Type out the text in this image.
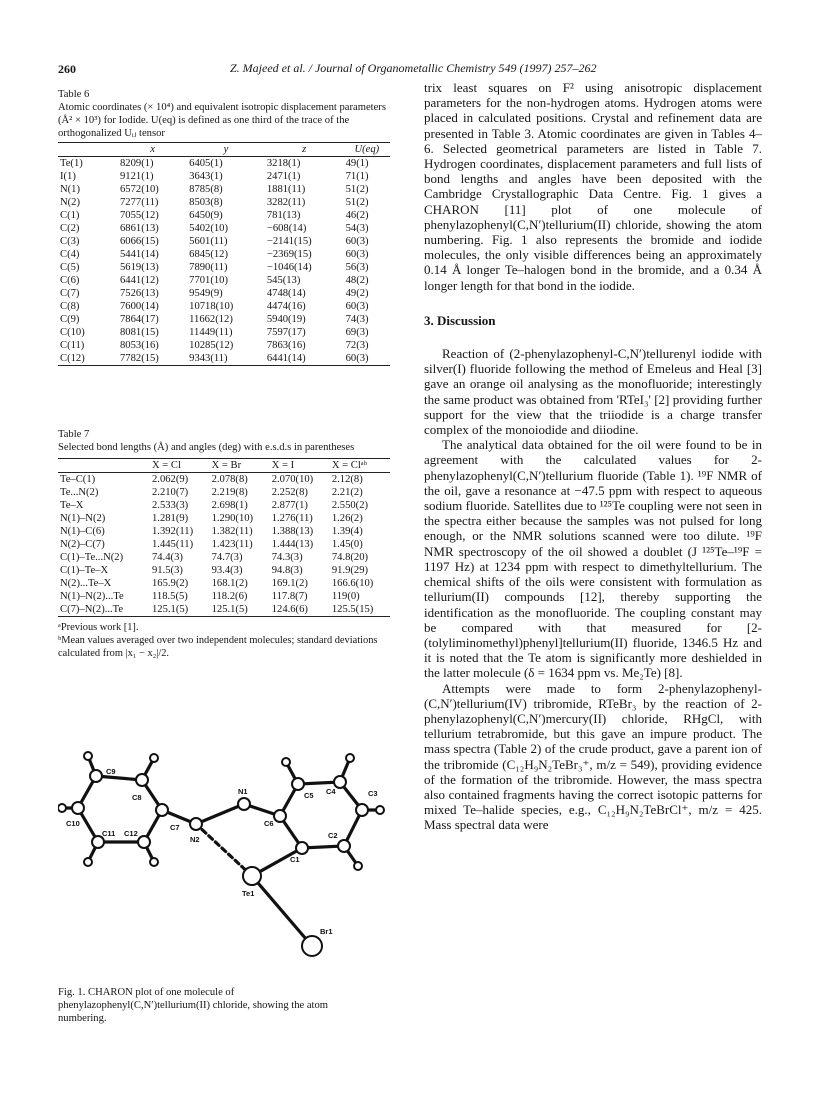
260	Z. Majeed et al. / Journal of Organometallic Chemistry 549 (1997) 257–262
Table 6
Atomic coordinates (× 10⁴) and equivalent isotropic displacement parameters (Å² × 10³) for Iodide. U(eq) is defined as one third of the trace of the orthogonalized Uᵢⱼ tensor
	x	y	z	U(eq)
Te(1)	8209(1)	6405(1)	3218(1)	49(1)
I(1)	9121(1)	3643(1)	2471(1)	71(1)
N(1)	6572(10)	8785(8)	1881(11)	51(2)
N(2)	7277(11)	8503(8)	3282(11)	51(2)
C(1)	7055(12)	6450(9)	781(13)	46(2)
C(2)	6861(13)	5402(10)	−608(14)	54(3)
C(3)	6066(15)	5601(11)	−2141(15)	60(3)
C(4)	5441(14)	6845(12)	−2369(15)	60(3)
C(5)	5619(13)	7890(11)	−1046(14)	56(3)
C(6)	6441(12)	7701(10)	545(13)	48(2)
C(7)	7526(13)	9549(9)	4748(14)	49(2)
C(8)	7600(14)	10718(10)	4474(16)	60(3)
C(9)	7864(17)	11662(12)	5940(19)	74(3)
C(10)	8081(15)	11449(11)	7597(17)	69(3)
C(11)	8053(16)	10285(12)	7863(16)	72(3)
C(12)	7782(15)	9343(11)	6441(14)	60(3)
Table 7
Selected bond lengths (Å) and angles (deg) with e.s.d.s in parentheses
	X = Cl	X = Br	X = I	X = Clᵃᵇ
Te–C(1)	2.062(9)	2.078(8)	2.070(10)	2.12(8)
Te...N(2)	2.210(7)	2.219(8)	2.252(8)	2.21(2)
Te–X	2.533(3)	2.698(1)	2.877(1)	2.550(2)
N(1)–N(2)	1.281(9)	1.290(10)	1.276(11)	1.26(2)
N(1)–C(6)	1.392(11)	1.382(11)	1.388(13)	1.39(4)
N(2)–C(7)	1.445(11)	1.423(11)	1.444(13)	1.45(0)
C(1)–Te...N(2)	74.4(3)	74.7(3)	74.3(3)	74.8(20)
C(1)–Te–X	91.5(3)	93.4(3)	94.8(3)	91.9(29)
N(2)...Te–X	165.9(2)	168.1(2)	169.1(2)	166.6(10)
N(1)–N(2)...Te	118.5(5)	118.2(6)	117.8(7)	119(0)
C(7)–N(2)...Te	125.1(5)	125.1(5)	124.6(6)	125.5(15)
ᵃPrevious work [1].
ᵇMean values averaged over two independent molecules; standard deviations calculated from |x₁ − x₂|/2.
C9
C8
C7
N1
C6
C5 C4	C3
C2
C1
N2
C10
C11 C12
Te1
Br1
Fig. 1. CHARON plot of one molecule of phenylazophenyl(C,N′)tellurium(II) chloride, showing the atom numbering.

trix least squares on F² using anisotropic displacement parameters for the non-hydrogen atoms. Hydrogen atoms were placed in calculated positions. Crystal and refinement data are presented in Table 3. Atomic coordinates are given in Tables 4–6. Selected geometrical parameters are listed in Table 7. Hydrogen coordinates, displacement parameters and full lists of bond lengths and angles have been deposited with the Cambridge Crystallographic Data Centre. Fig. 1 gives a CHARON [11] plot of one molecule of phenylazophenyl(C,N′)tellurium(II) chloride, showing the atom numbering. Fig. 1 also represents the bromide and iodide molecules, the only visible differences being an approximately 0.14 Å longer Te–halogen bond in the bromide, and a 0.34 Å longer length for that bond in the iodide.

3. Discussion

Reaction of (2-phenylazophenyl-C,N′)tellurenyl iodide with silver(I) fluoride following the method of Emeleus and Heal [3] gave an orange oil analysing as the monofluoride; interestingly the same product was obtained from 'RTeI₃' [2] providing further support for the view that the triiodide is a charge transfer complex of the monoiodide and diiodine.

The analytical data obtained for the oil were found to be in agreement with the calculated values for 2-phenylazophenyl(C,N′)tellurium fluoride (Table 1). ¹⁹F NMR of the oil, gave a resonance at −47.5 ppm with respect to aqueous sodium fluoride. Satellites due to ¹²⁵Te coupling were not seen in the spectra either because the samples was not pulsed for long enough, or the NMR solutions scanned were too dilute. ¹⁹F NMR spectroscopy of the oil showed a doublet (J ¹²⁵Te–¹⁹F = 1197 Hz) at 1234 ppm with respect to dimethyltellurium. The chemical shifts of the oils were consistent with formulation as tellurium(II) compounds [12], thereby supporting the identification as the monofluoride. The coupling constant may be compared with that measured for [2-(tolyliminomethyl)phenyl]tellurium(II) fluoride, 1346.5 Hz and it is noted that the Te atom is significantly more deshielded in the latter molecule (δ = 1634 ppm vs. Me₂Te) [8].

Attempts were made to form 2-phenylazophenyl-(C,N′)tellurium(IV) tribromide, RTeBr₃ by the reaction of 2-phenylazophenyl(C,N′)mercury(II) chloride, RHgCl, with tellurium tetrabromide, but this gave an impure product. The mass spectra (Table 2) of the crude product, gave a parent ion of the tribromide (C₁₂H₉N₂TeBr₃⁺, m/z = 549), providing evidence of the formation of the tribromide. However, the mass spectra also contained fragments having the correct isotopic patterns for mixed Te–halide species, e.g., C₁₂H₉N₂TeBrCl⁺, m/z = 425. Mass spectral data were
